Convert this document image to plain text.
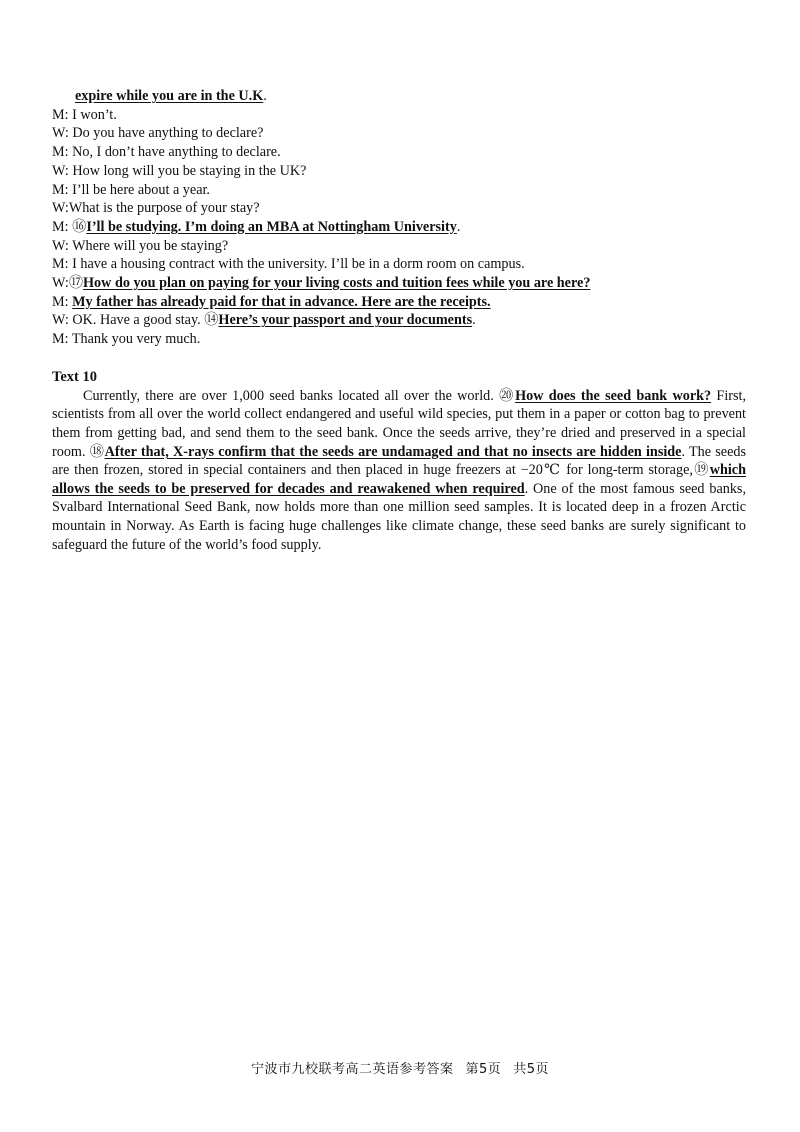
expire while you are in the U.K.
M: I won’t.
W: Do you have anything to declare?
M: No, I don’t have anything to declare.
W: How long will you be staying in the UK?
M: I’ll be here about a year.
W:What is the purpose of your stay?
M: ⑯I’ll be studying. I’m doing an MBA at Nottingham University.
W: Where will you be staying?
M: I have a housing contract with the university. I’ll be in a dorm room on campus.
W:⑰How do you plan on paying for your living costs and tuition fees while you are here?
M: My father has already paid for that in advance. Here are the receipts.
W: OK. Have a good stay. ⑭Here’s your passport and your documents.
M: Thank you very much.
Text 10
Currently, there are over 1,000 seed banks located all over the world. ⑳How does the seed bank work? First, scientists from all over the world collect endangered and useful wild species, put them in a paper or cotton bag to prevent them from getting bad, and send them to the seed bank. Once the seeds arrive, they’re dried and preserved in a special room. ⑱After that, X-rays confirm that the seeds are undamaged and that no insects are hidden inside. The seeds are then frozen, stored in special containers and then placed in huge freezers at −20℃ for long-term storage,⑲which allows the seeds to be preserved for decades and reawakened when required. One of the most famous seed banks, Svalbard International Seed Bank, now holds more than one million seed samples. It is located deep in a frozen Arctic mountain in Norway. As Earth is facing huge challenges like climate change, these seed banks are surely significant to safeguard the future of the world’s food supply.
宁波市九校联考高二英语参考答案 第5页 共5页
